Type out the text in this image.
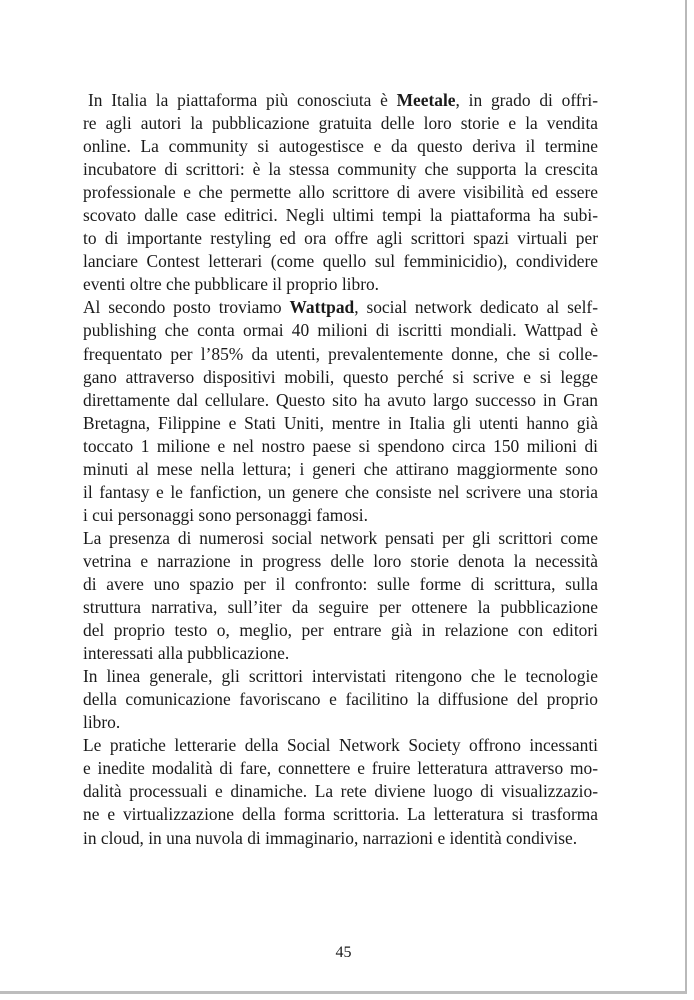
In Italia la piattaforma più conosciuta è Meetale, in grado di offri-
re agli autori la pubblicazione gratuita delle loro storie e la vendita
online. La community si autogestisce e da questo deriva il termine
incubatore di scrittori: è la stessa community che supporta la crescita
professionale e che permette allo scrittore di avere visibilità ed essere
scovato dalle case editrici. Negli ultimi tempi la piattaforma ha subi-
to di importante restyling ed ora offre agli scrittori spazi virtuali per
lanciare Contest letterari (come quello sul femminicidio), condividere
eventi oltre che pubblicare il proprio libro.
Al secondo posto troviamo Wattpad, social network dedicato al self-
publishing che conta ormai 40 milioni di iscritti mondiali. Wattpad è
frequentato per l’85% da utenti, prevalentemente donne, che si colle-
gano attraverso dispositivi mobili, questo perché si scrive e si legge
direttamente dal cellulare. Questo sito ha avuto largo successo in Gran
Bretagna, Filippine e Stati Uniti, mentre in Italia gli utenti hanno già
toccato 1 milione e nel nostro paese si spendono circa 150 milioni di
minuti al mese nella lettura; i generi che attirano maggiormente sono
il fantasy e le fanfiction, un genere che consiste nel scrivere una storia
i cui personaggi sono personaggi famosi.
La presenza di numerosi social network pensati per gli scrittori come
vetrina e narrazione in progress delle loro storie denota la necessità
di avere uno spazio per il confronto: sulle forme di scrittura, sulla
struttura narrativa, sull’iter da seguire per ottenere la pubblicazione
del proprio testo o, meglio, per entrare già in relazione con editori
interessati alla pubblicazione.
In linea generale, gli scrittori intervistati ritengono che le tecnologie
della comunicazione favoriscano e facilitino la diffusione del proprio
libro.
Le pratiche letterarie della Social Network Society offrono incessanti
e inedite modalità di fare, connettere e fruire letteratura attraverso mo-
dalità processuali e dinamiche. La rete diviene luogo di visualizzazio-
ne e virtualizzazione della forma scrittoria. La letteratura si trasforma
in cloud, in una nuvola di immaginario, narrazioni e identità condivise.
45
